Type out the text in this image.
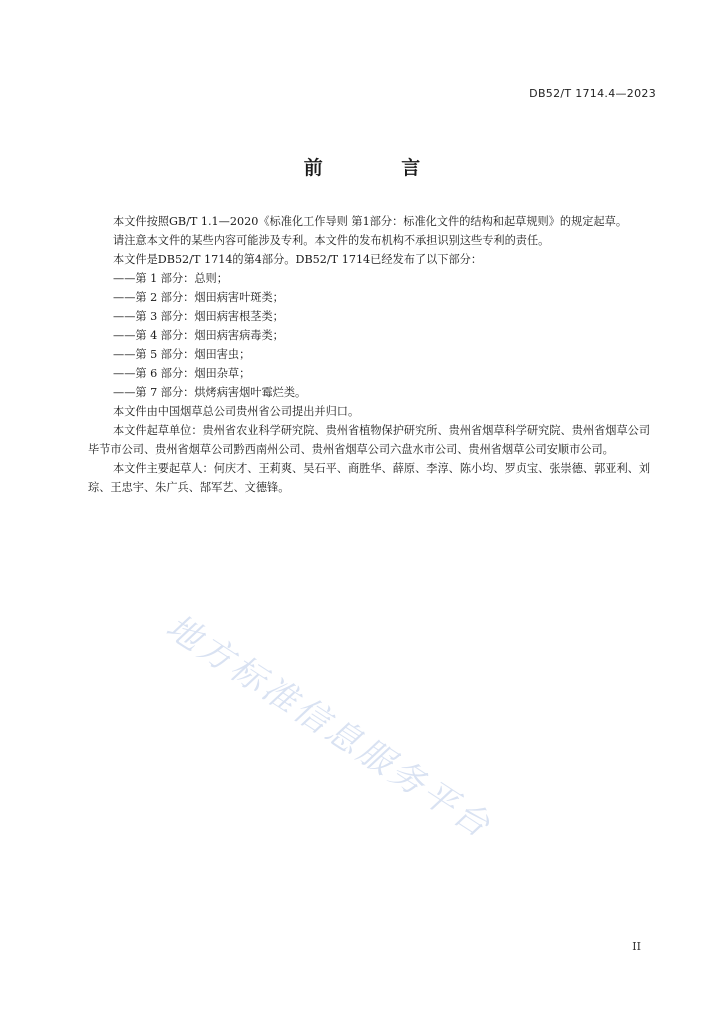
DB52/T 1714.4—2023
前 言

本文件按照GB/T 1.1—2020《标准化工作导则 第1部分：标准化文件的结构和起草规则》的规定起草。

请注意本文件的某些内容可能涉及专利。本文件的发布机构不承担识别这些专利的责任。

本文件是DB52/T 1714的第4部分。DB52/T 1714已经发布了以下部分：

——第 1 部分：总则；

——第 2 部分：烟田病害叶斑类；

——第 3 部分：烟田病害根茎类；

——第 4 部分：烟田病害病毒类；

——第 5 部分：烟田害虫；

——第 6 部分：烟田杂草；

——第 7 部分：烘烤病害烟叶霉烂类。

本文件由中国烟草总公司贵州省公司提出并归口。

本文件起草单位：贵州省农业科学研究院、贵州省植物保护研究所、贵州省烟草科学研究院、贵州省烟草公司毕节市公司、贵州省烟草公司黔西南州公司、贵州省烟草公司六盘水市公司、贵州省烟草公司安顺市公司。

本文件主要起草人：何庆才、王莉爽、吴石平、商胜华、薛原、李淳、陈小均、罗贞宝、张崇德、郭亚利、刘琮、王忠宇、朱广兵、郜军艺、文德锋。

地方标准信息服务平台
II
